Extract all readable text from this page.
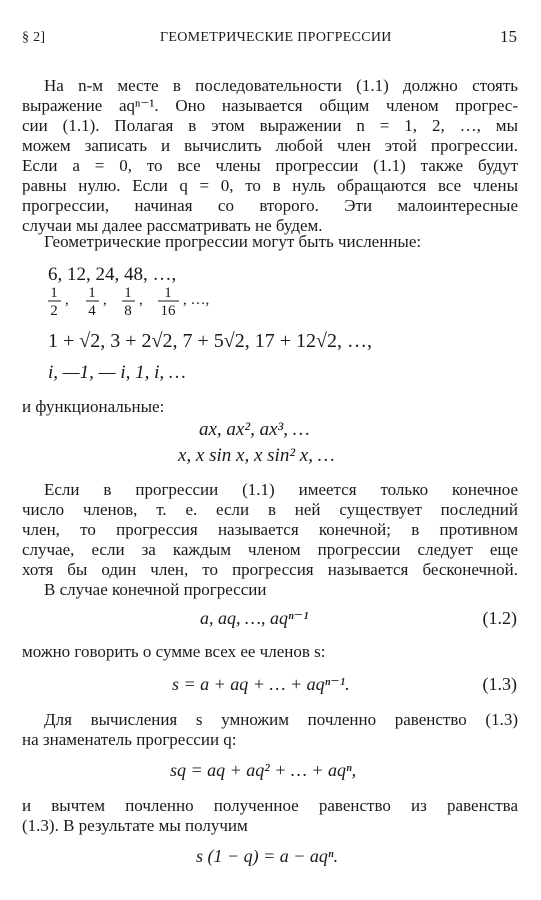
§ 2]	ГЕОМЕТРИЧЕСКИЕ ПРОГРЕССИИ	15
На n-м месте в последовательности (1.1) должно стоять
выражение aqⁿ⁻¹. Оно называется общим членом прогрес-
сии (1.1). Полагая в этом выражении n = 1, 2, …, мы
можем записать и вычислить любой член этой прогрессии.
Если a = 0, то все члены прогрессии (1.1) также будут
равны нулю. Если q = 0, то в нуль обращаются все члены
прогрессии, начиная со второго. Эти малоинтересные
случаи мы далее рассматривать не будем.
Геометрические прогрессии могут быть численные:
6, 12, 24, 48, …,
1
2
, 1
4
, 1
8
, 1
16
, …,
1 + √2, 3 + 2√2, 7 + 5√2, 17 + 12√2, …,
i, —1, — i, 1, i, …
и функциональные:
ax, ax², ax³, …
x, x sin x, x sin² x, …
Если в прогрессии (1.1) имеется только конечное
число членов, т. е. если в ней существует последний
член, то прогрессия называется конечной; в противном
случае, если за каждым членом прогрессии следует еще
хотя бы один член, то прогрессия называется бесконечной.
В случае конечной прогрессии
a, aq, …, aqⁿ⁻¹	(1.2)
можно говорить о сумме всех ее членов s:
s = a + aq + … + aqⁿ⁻¹.	(1.3)
Для вычисления s умножим почленно равенство (1.3)
на знаменатель прогрессии q:
sq = aq + aq² + … + aqⁿ,
и вычтем почленно полученное равенство из равенства
(1.3). В результате мы получим
s (1 − q) = a − aqⁿ.
